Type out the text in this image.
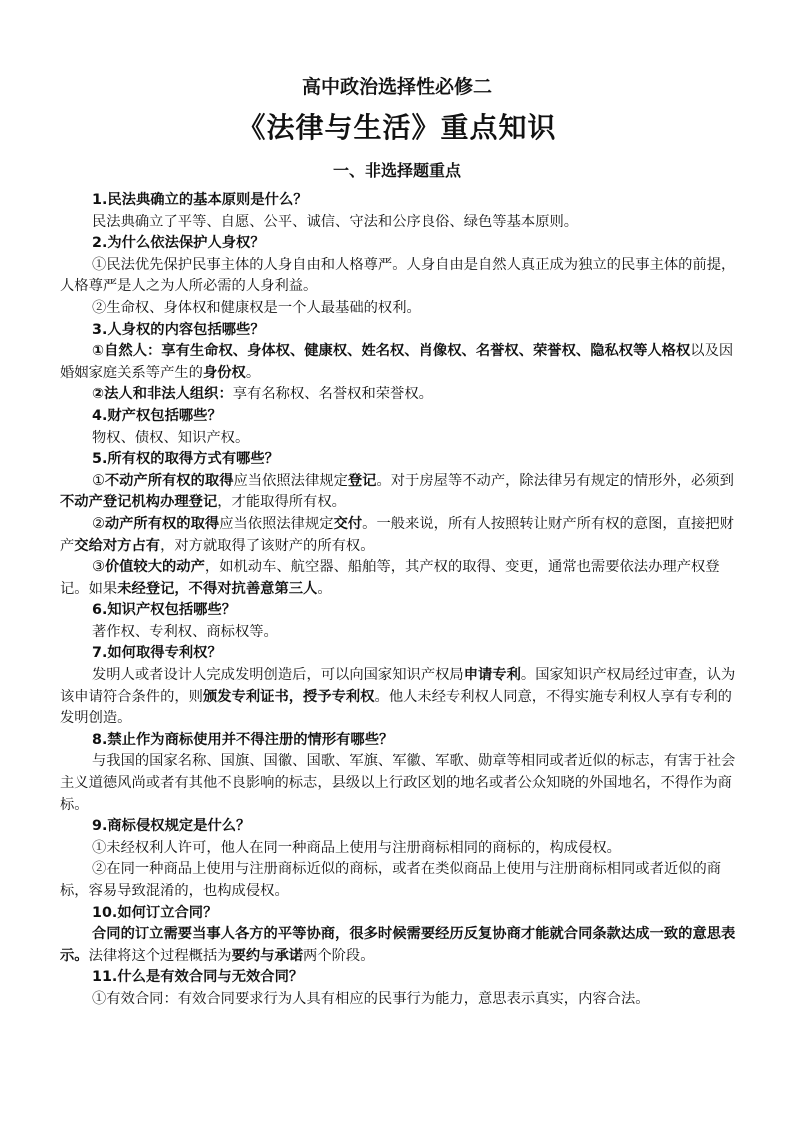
高中政治选择性必修二
《法律与生活》重点知识
一、非选择题重点

1.民法典确立的基本原则是什么？

民法典确立了平等、自愿、公平、诚信、守法和公序良俗、绿色等基本原则。

2.为什么依法保护人身权？

①民法优先保护民事主体的人身自由和人格尊严。人身自由是自然人真正成为独立的民事主体的前提，人格尊严是人之为人所必需的人身利益。

②生命权、身体权和健康权是一个人最基础的权利。

3.人身权的内容包括哪些？

①自然人：享有生命权、身体权、健康权、姓名权、肖像权、名誉权、荣誉权、隐私权等人格权以及因婚姻家庭关系等产生的身份权。

②法人和非法人组织：享有名称权、名誉权和荣誉权。

4.财产权包括哪些？

物权、债权、知识产权。

5.所有权的取得方式有哪些？

①不动产所有权的取得应当依照法律规定登记。对于房屋等不动产，除法律另有规定的情形外，必须到不动产登记机构办理登记，才能取得所有权。

②动产所有权的取得应当依照法律规定交付。一般来说，所有人按照转让财产所有权的意图，直接把财产交给对方占有，对方就取得了该财产的所有权。

③价值较大的动产，如机动车、航空器、船舶等，其产权的取得、变更，通常也需要依法办理产权登记。如果未经登记，不得对抗善意第三人。

6.知识产权包括哪些？

著作权、专利权、商标权等。

7.如何取得专利权？

发明人或者设计人完成发明创造后，可以向国家知识产权局申请专利。国家知识产权局经过审查，认为该申请符合条件的，则颁发专利证书，授予专利权。他人未经专利权人同意，不得实施专利权人享有专利的发明创造。

8.禁止作为商标使用并不得注册的情形有哪些？

与我国的国家名称、国旗、国徽、国歌、军旗、军徽、军歌、勋章等相同或者近似的标志，有害于社会主义道德风尚或者有其他不良影响的标志，县级以上行政区划的地名或者公众知晓的外国地名，不得作为商标。

9.商标侵权规定是什么？

①未经权利人许可，他人在同一种商品上使用与注册商标相同的商标的，构成侵权。

②在同一种商品上使用与注册商标近似的商标，或者在类似商品上使用与注册商标相同或者近似的商标，容易导致混淆的，也构成侵权。

10.如何订立合同？

合同的订立需要当事人各方的平等协商，很多时候需要经历反复协商才能就合同条款达成一致的意思表示。法律将这个过程概括为要约与承诺两个阶段。

11.什么是有效合同与无效合同？

①有效合同：有效合同要求行为人具有相应的民事行为能力，意思表示真实，内容合法。
